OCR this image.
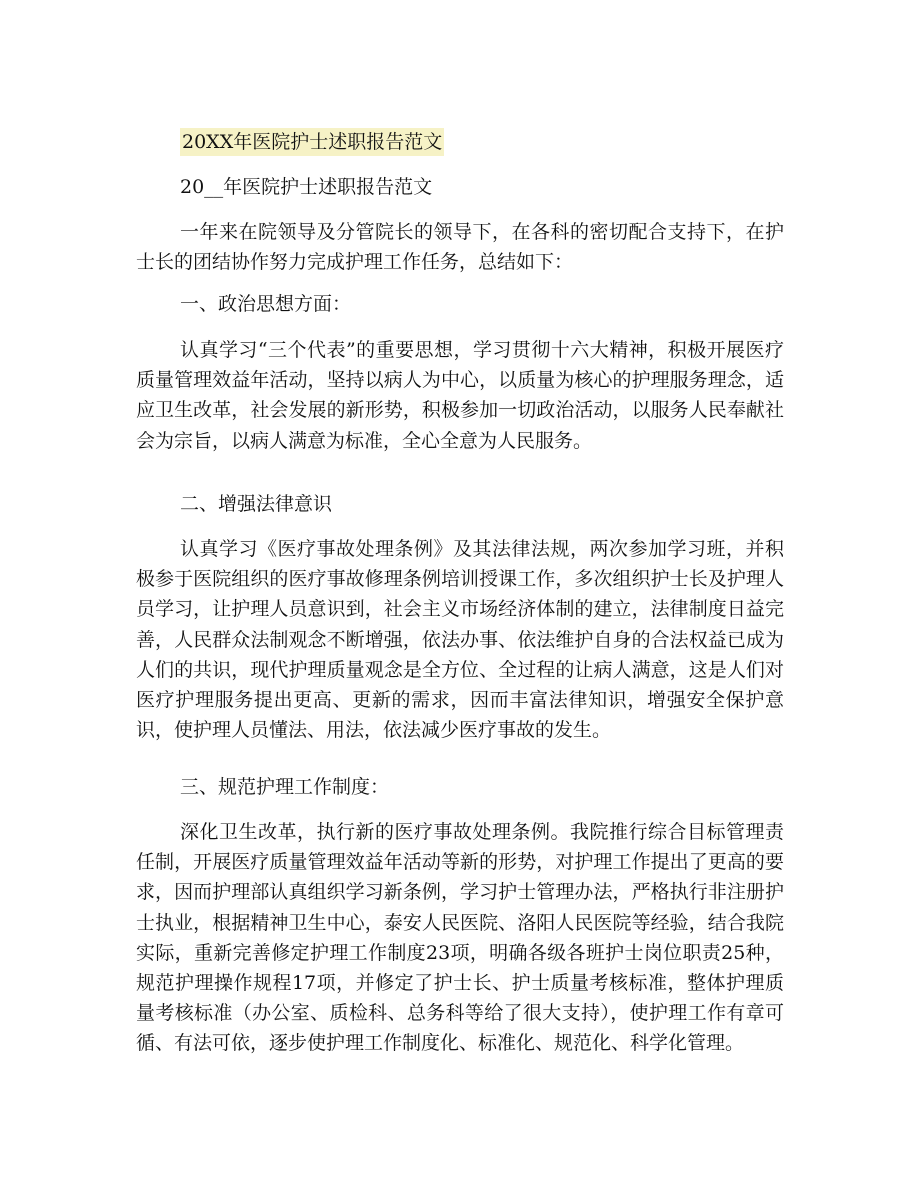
20XX年医院护士述职报告范文
20__年医院护士述职报告范文

一年来在院领导及分管院长的领导下，在各科的密切配合支持下，在护士长的团结协作努力完成护理工作任务，总结如下：

一、政治思想方面：

认真学习“三个代表”的重要思想，学习贯彻十六大精神，积极开展医疗质量管理效益年活动，坚持以病人为中心，以质量为核心的护理服务理念，适应卫生改革，社会发展的新形势，积极参加一切政治活动，以服务人民奉献社会为宗旨，以病人满意为标准，全心全意为人民服务。

二、增强法律意识

认真学习《医疗事故处理条例》及其法律法规，两次参加学习班，并积极参于医院组织的医疗事故修理条例培训授课工作，多次组织护士长及护理人员学习，让护理人员意识到，社会主义市场经济体制的建立，法律制度日益完善，人民群众法制观念不断增强，依法办事、依法维护自身的合法权益已成为人们的共识，现代护理质量观念是全方位、全过程的让病人满意，这是人们对医疗护理服务提出更高、更新的需求，因而丰富法律知识，增强安全保护意识，使护理人员懂法、用法，依法减少医疗事故的发生。

三、规范护理工作制度：

深化卫生改革，执行新的医疗事故处理条例。我院推行综合目标管理责任制，开展医疗质量管理效益年活动等新的形势，对护理工作提出了更高的要求，因而护理部认真组织学习新条例，学习护士管理办法，严格执行非注册护士执业，根据精神卫生中心，泰安人民医院、洛阳人民医院等经验，结合我院实际，重新完善修定护理工作制度23项，明确各级各班护士岗位职责25种，规范护理操作规程17项，并修定了护士长、护士质量考核标准，整体护理质量考核标准（办公室、质检科、总务科等给了很大支持），使护理工作有章可循、有法可依，逐步使护理工作制度化、标准化、规范化、科学化管理。
